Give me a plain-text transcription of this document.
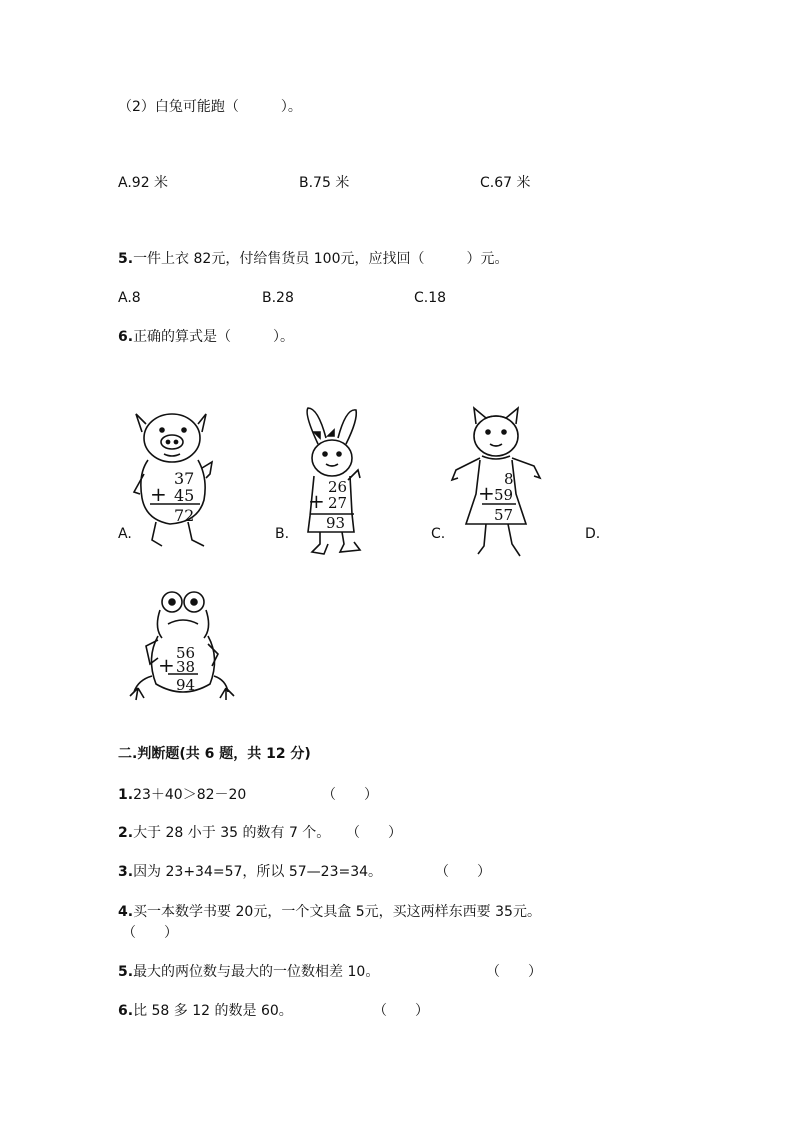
（2）白兔可能跑（　　　）。
A.92 米	B.75 米	C.67 米
5.一件上衣 82元，付给售货员 100元，应找回（　　　）元。
A.8	B.28	C.18
6.正确的算式是（　　　）。
A.
37
+ 45
72
B.
26
+ 27
93
C.
8
+ 59
57
D.
56
+ 38
94
二.判断题(共 6 题，共 12 分)
1.23＋40＞82－20	（　　）
2.大于 28 小于 35 的数有 7 个。 （　　）
3.因为 23+34=57，所以 57—23=34。	（　　）
4.买一本数学书要 20元，一个文具盒 5元，买这两样东西要 35元。
（　　）
5.最大的两位数与最大的一位数相差 10。	（　　）
6.比 58 多 12 的数是 60。	（　　）
